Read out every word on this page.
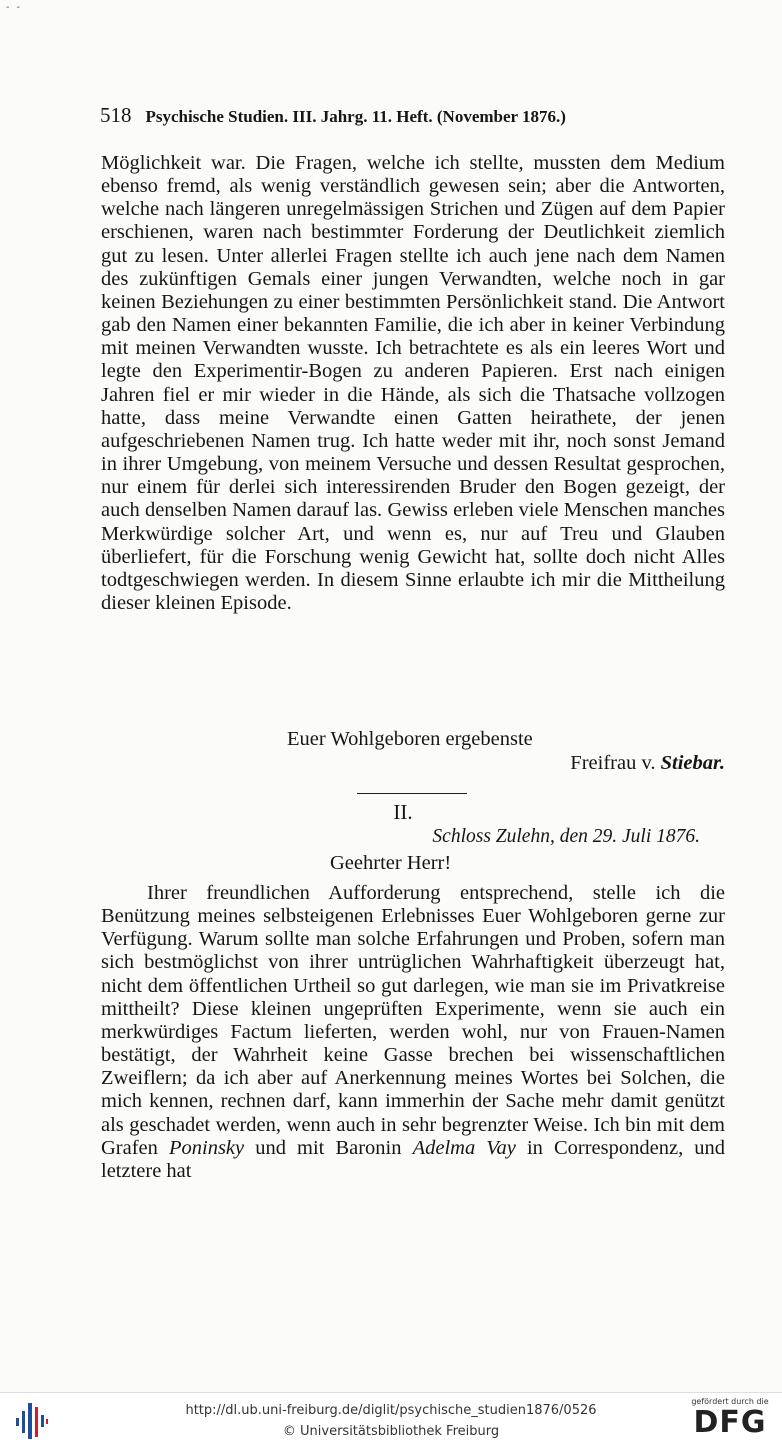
- -
518 Psychische Studien. III. Jahrg. 11. Heft. (November 1876.)
Möglichkeit war. Die Fragen, welche ich stellte, mussten dem Medium ebenso fremd, als wenig verständlich gewesen sein; aber die Antworten, welche nach längeren unregelmässigen Strichen und Zügen auf dem Papier erschienen, waren nach bestimmter Forderung der Deutlichkeit ziemlich gut zu lesen. Unter allerlei Fragen stellte ich auch jene nach dem Namen des zukünftigen Gemals einer jungen Verwandten, welche noch in gar keinen Beziehungen zu einer bestimmten Persönlichkeit stand. Die Antwort gab den Namen einer bekannten Familie, die ich aber in keiner Verbindung mit meinen Verwandten wusste. Ich betrachtete es als ein leeres Wort und legte den Experimentir-Bogen zu anderen Papieren. Erst nach einigen Jahren fiel er mir wieder in die Hände, als sich die Thatsache vollzogen hatte, dass meine Verwandte einen Gatten heirathete, der jenen aufgeschriebenen Namen trug. Ich hatte weder mit ihr, noch sonst Jemand in ihrer Umgebung, von meinem Versuche und dessen Resultat gesprochen, nur einem für derlei sich interessirenden Bruder den Bogen gezeigt, der auch denselben Namen darauf las. Gewiss erleben viele Menschen manches Merkwürdige solcher Art, und wenn es, nur auf Treu und Glauben überliefert, für die Forschung wenig Gewicht hat, sollte doch nicht Alles todtgeschwiegen werden. In diesem Sinne erlaubte ich mir die Mittheilung dieser kleinen Episode.
Euer Wohlgeboren ergebenste
Freifrau v. Stiebar.
II.
Schloss Zulehn, den 29. Juli 1876.
Geehrter Herr!
Ihrer freundlichen Aufforderung entsprechend, stelle ich die Benützung meines selbsteigenen Erlebnisses Euer Wohlgeboren gerne zur Verfügung. Warum sollte man solche Erfahrungen und Proben, sofern man sich bestmöglichst von ihrer untrüglichen Wahrhaftigkeit überzeugt hat, nicht dem öffentlichen Urtheil so gut darlegen, wie man sie im Privatkreise mittheilt? Diese kleinen ungeprüften Experimente, wenn sie auch ein merkwürdiges Factum lieferten, werden wohl, nur von Frauen-Namen bestätigt, der Wahrheit keine Gasse brechen bei wissenschaftlichen Zweiflern; da ich aber auf Anerkennung meines Wortes bei Solchen, die mich kennen, rechnen darf, kann immerhin der Sache mehr damit genützt als geschadet werden, wenn auch in sehr begrenzter Weise. Ich bin mit dem Grafen Poninsky und mit Baronin Adelma Vay in Correspondenz, und letztere hat
http://dl.ub.uni-freiburg.de/diglit/psychische_studien1876/0526
© Universitätsbibliothek Freiburg
gefördert durch die
DFG
